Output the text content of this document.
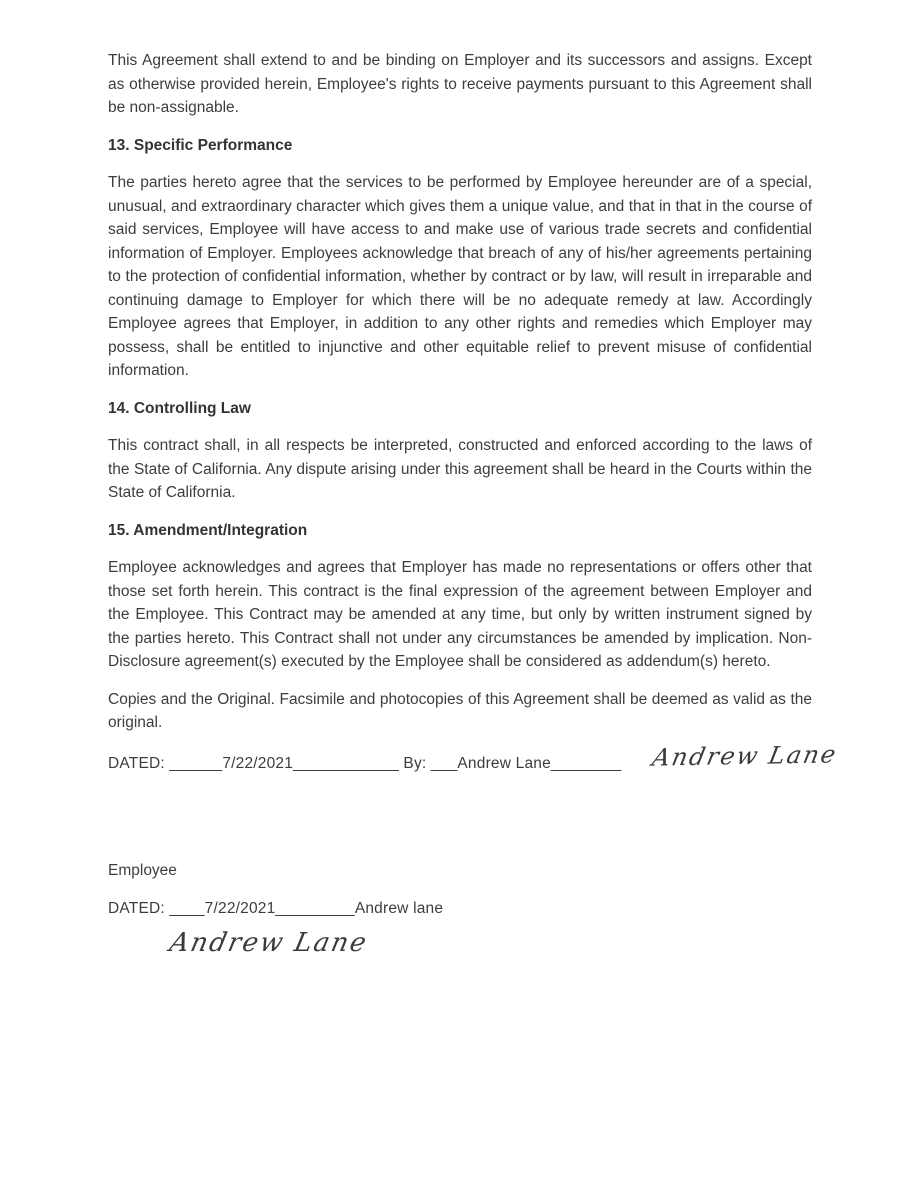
This Agreement shall extend to and be binding on Employer and its successors and assigns. Except as otherwise provided herein, Employee's rights to receive payments pursuant to this Agreement shall be non-assignable.

13. Specific Performance

The parties hereto agree that the services to be performed by Employee hereunder are of a special, unusual, and extraordinary character which gives them a unique value, and that in that in the course of said services, Employee will have access to and make use of various trade secrets and confidential information of Employer. Employees acknowledge that breach of any of his/her agreements pertaining to the protection of confidential information, whether by contract or by law, will result in irreparable and continuing damage to Employer for which there will be no adequate remedy at law. Accordingly Employee agrees that Employer, in addition to any other rights and remedies which Employer may possess, shall be entitled to injunctive and other equitable relief to prevent misuse of confidential information.

14. Controlling Law

This contract shall, in all respects be interpreted, constructed and enforced according to the laws of the State of California. Any dispute arising under this agreement shall be heard in the Courts within the State of California.

15. Amendment/Integration

Employee acknowledges and agrees that Employer has made no representations or offers other that those set forth herein. This contract is the final expression of the agreement between Employer and the Employee. This Contract may be amended at any time, but only by written instrument signed by the parties hereto. This Contract shall not under any circumstances be amended by implication. Non-Disclosure agreement(s) executed by the Employee shall be considered as addendum(s) hereto.

Copies and the Original. Facsimile and photocopies of this Agreement shall be deemed as valid as the original.

DATED: ______7/22/2021____________ By: ___Andrew Lane________ Andrew Lane

Employee

DATED: ____7/22/2021_________Andrew lane

Andrew Lane
